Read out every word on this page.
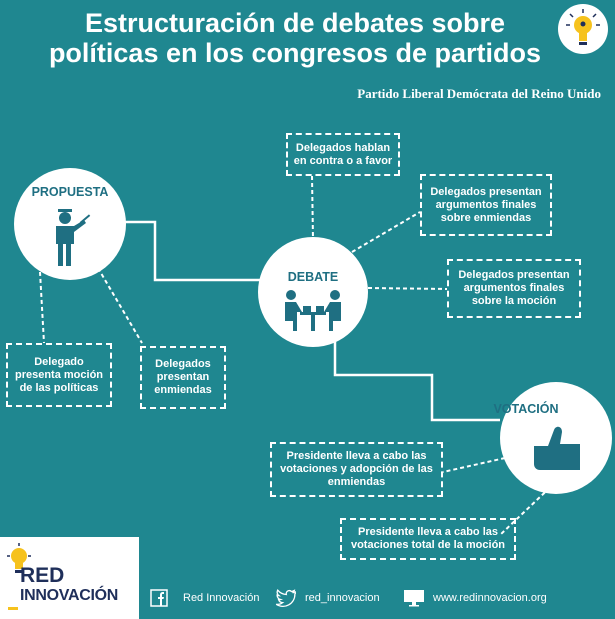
Estructuración de debates sobre
políticas en los congresos de partidos
Partido Liberal Demócrata del Reino Unido
PROPUESTA
DEBATE
VOTACIÓN
Delegado presenta moción de las políticas
Delegados presentan enmiendas
Delegados hablan en contra o a favor
Delegados presentan argumentos finales sobre enmiendas
Delegados presentan argumentos finales sobre la moción
Presidente lleva a cabo las votaciones y adopción de las enmiendas
Presidente lleva a cabo las votaciones total de la moción
RED
INNOVACIÓN	Red Innovación	red_innovacion	www.redinnovacion.org
